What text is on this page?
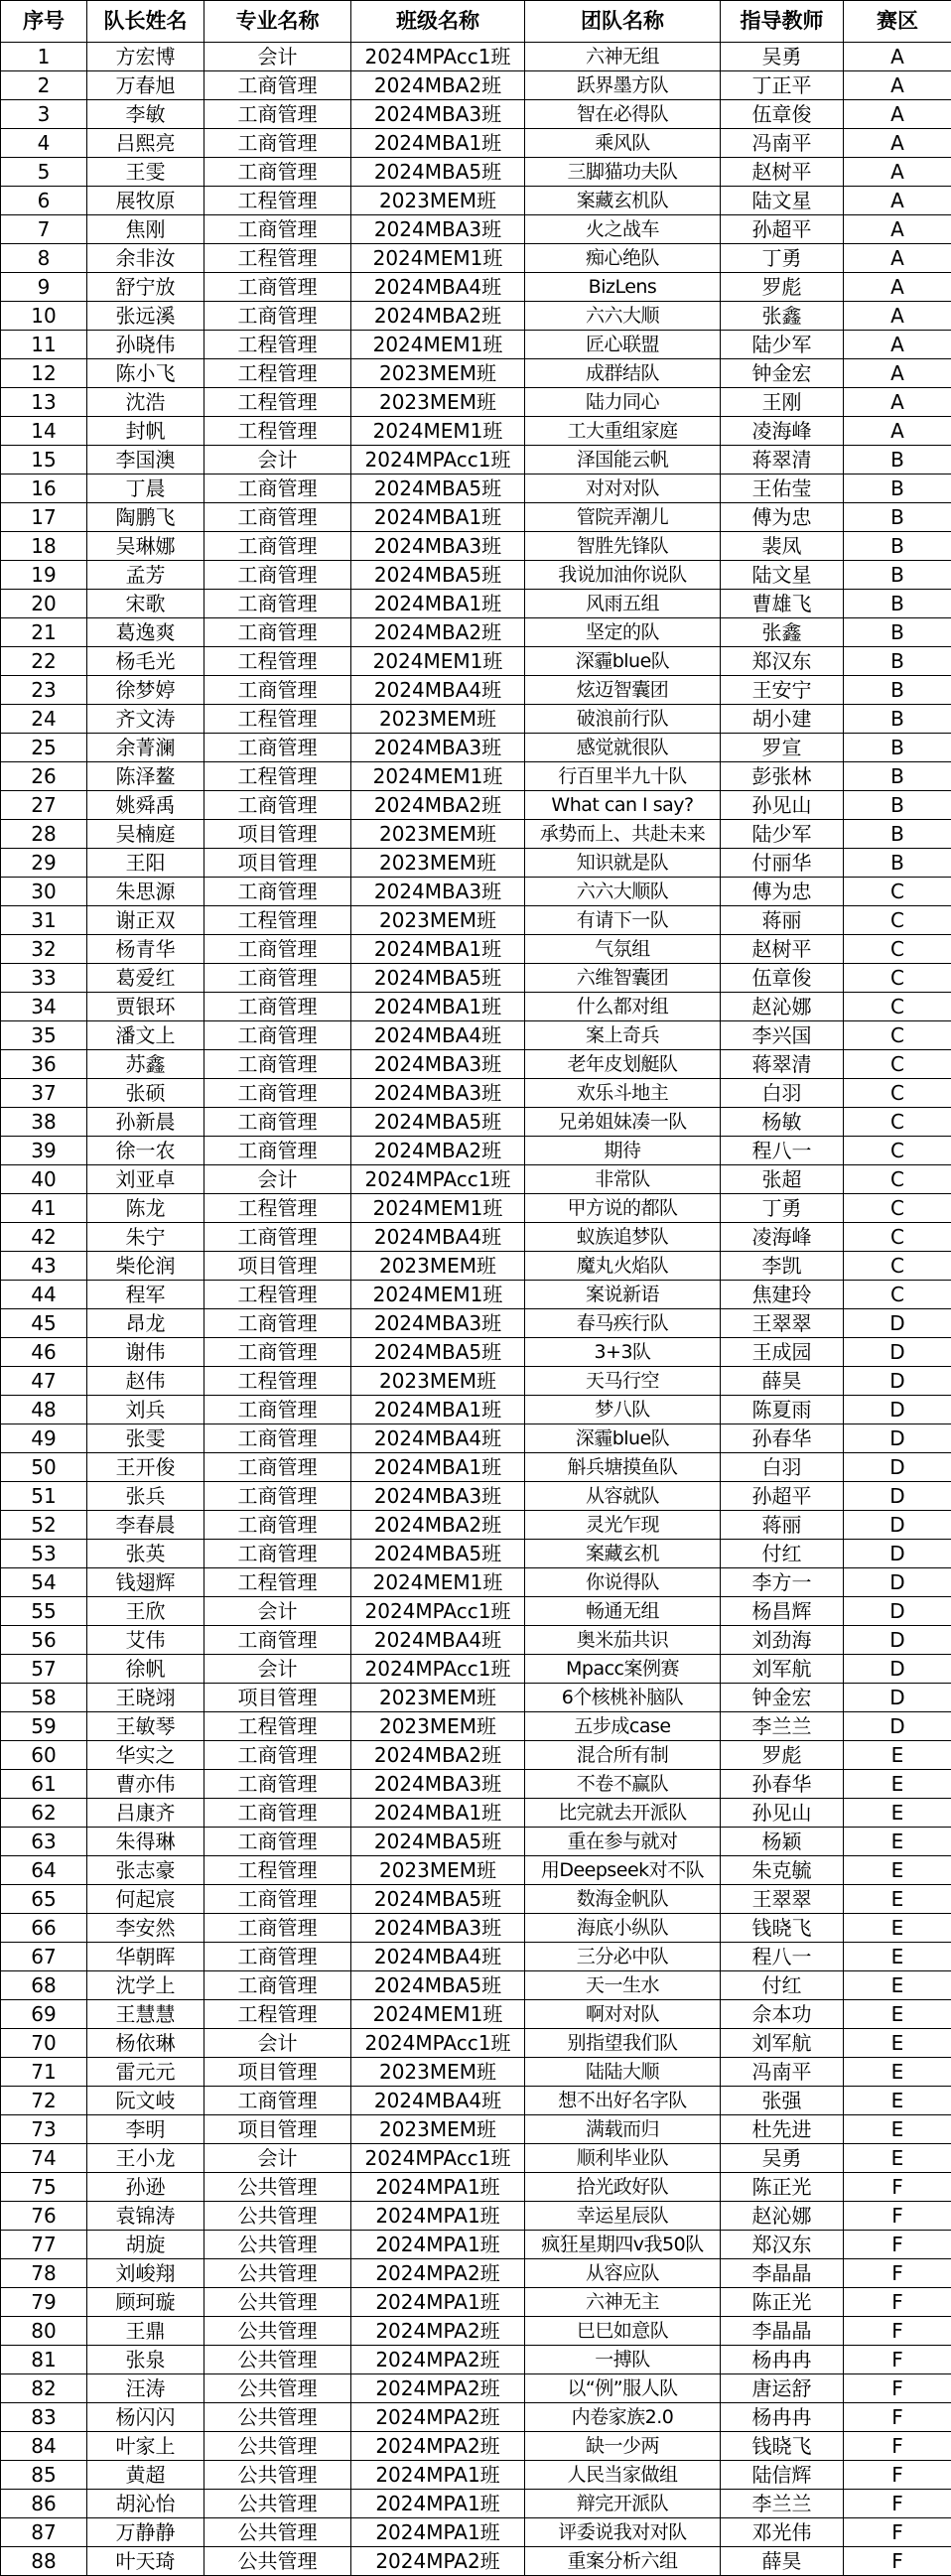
序号	队长姓名	专业名称	班级名称	团队名称	指导教师	赛区
1	方宏博	会计	2024MPAcc1班	六神无组	吴勇	A
2	万春旭	工商管理	2024MBA2班	跃界墨方队	丁正平	A
3	李敏	工商管理	2024MBA3班	智在必得队	伍章俊	A
4	吕熙亮	工商管理	2024MBA1班	乘风队	冯南平	A
5	王雯	工商管理	2024MBA5班	三脚猫功夫队	赵树平	A
6	展牧原	工程管理	2023MEM班	案藏玄机队	陆文星	A
7	焦刚	工商管理	2024MBA3班	火之战车	孙超平	A
8	余非汝	工程管理	2024MEM1班	痴心绝队	丁勇	A
9	舒宁放	工商管理	2024MBA4班	BizLens	罗彪	A
10	张远溪	工商管理	2024MBA2班	六六大顺	张鑫	A
11	孙晓伟	工程管理	2024MEM1班	匠心联盟	陆少军	A
12	陈小飞	工程管理	2023MEM班	成群结队	钟金宏	A
13	沈浩	工程管理	2023MEM班	陆力同心	王刚	A
14	封帆	工程管理	2024MEM1班	工大重组家庭	凌海峰	A
15	李国澳	会计	2024MPAcc1班	泽国能云帆	蒋翠清	B
16	丁晨	工商管理	2024MBA5班	对对对队	王佑莹	B
17	陶鹏飞	工商管理	2024MBA1班	管院弄潮儿	傅为忠	B
18	吴琳娜	工商管理	2024MBA3班	智胜先锋队	裴凤	B
19	孟芳	工商管理	2024MBA5班	我说加油你说队	陆文星	B
20	宋歌	工商管理	2024MBA1班	风雨五组	曹雄飞	B
21	葛逸爽	工商管理	2024MBA2班	坚定的队	张鑫	B
22	杨毛光	工程管理	2024MEM1班	深霾blue队	郑汉东	B
23	徐梦婷	工商管理	2024MBA4班	炫迈智囊团	王安宁	B
24	齐文涛	工程管理	2023MEM班	破浪前行队	胡小建	B
25	余菁澜	工商管理	2024MBA3班	感觉就很队	罗宣	B
26	陈泽鳌	工程管理	2024MEM1班	行百里半九十队	彭张林	B
27	姚舜禹	工商管理	2024MBA2班	What can I say?	孙见山	B
28	吴楠庭	项目管理	2023MEM班	承势而上、共赴未来	陆少军	B
29	王阳	项目管理	2023MEM班	知识就是队	付丽华	B
30	朱思源	工商管理	2024MBA3班	六六大顺队	傅为忠	C
31	谢正双	工程管理	2023MEM班	有请下一队	蒋丽	C
32	杨青华	工商管理	2024MBA1班	气氛组	赵树平	C
33	葛爱红	工商管理	2024MBA5班	六维智囊团	伍章俊	C
34	贾银环	工商管理	2024MBA1班	什么都对组	赵沁娜	C
35	潘文上	工商管理	2024MBA4班	案上奇兵	李兴国	C
36	苏鑫	工商管理	2024MBA3班	老年皮划艇队	蒋翠清	C
37	张硕	工商管理	2024MBA3班	欢乐斗地主	白羽	C
38	孙新晨	工商管理	2024MBA5班	兄弟姐妹凑一队	杨敏	C
39	徐一农	工商管理	2024MBA2班	期待	程八一	C
40	刘亚卓	会计	2024MPAcc1班	非常队	张超	C
41	陈龙	工程管理	2024MEM1班	甲方说的都队	丁勇	C
42	朱宁	工商管理	2024MBA4班	蚁族追梦队	凌海峰	C
43	柴伦润	项目管理	2023MEM班	魔丸火焰队	李凯	C
44	程军	工程管理	2024MEM1班	案说新语	焦建玲	C
45	昂龙	工商管理	2024MBA3班	春马疾行队	王翠翠	D
46	谢伟	工商管理	2024MBA5班	3+3队	王成园	D
47	赵伟	工程管理	2023MEM班	天马行空	薛昊	D
48	刘兵	工商管理	2024MBA1班	梦八队	陈夏雨	D
49	张雯	工商管理	2024MBA4班	深霾blue队	孙春华	D
50	王开俊	工商管理	2024MBA1班	斛兵塘摸鱼队	白羽	D
51	张兵	工商管理	2024MBA3班	从容就队	孙超平	D
52	李春晨	工商管理	2024MBA2班	灵光乍现	蒋丽	D
53	张英	工商管理	2024MBA5班	案藏玄机	付红	D
54	钱翅辉	工程管理	2024MEM1班	你说得队	李方一	D
55	王欣	会计	2024MPAcc1班	畅通无组	杨昌辉	D
56	艾伟	工商管理	2024MBA4班	奥米茄共识	刘劲海	D
57	徐帆	会计	2024MPAcc1班	Mpacc案例赛	刘军航	D
58	王晓翊	项目管理	2023MEM班	6个核桃补脑队	钟金宏	D
59	王敏琴	工程管理	2023MEM班	五步成case	李兰兰	D
60	华实之	工商管理	2024MBA2班	混合所有制	罗彪	E
61	曹亦伟	工商管理	2024MBA3班	不卷不赢队	孙春华	E
62	吕康齐	工商管理	2024MBA1班	比完就去开派队	孙见山	E
63	朱得琳	工商管理	2024MBA5班	重在参与就对	杨颖	E
64	张志豪	工程管理	2023MEM班	用Deepseek对不队	朱克毓	E
65	何起宸	工商管理	2024MBA5班	数海金帆队	王翠翠	E
66	李安然	工商管理	2024MBA3班	海底小纵队	钱晓飞	E
67	华朝晖	工商管理	2024MBA4班	三分必中队	程八一	E
68	沈学上	工商管理	2024MBA5班	天一生水	付红	E
69	王慧慧	工程管理	2024MEM1班	啊对对队	佘本功	E
70	杨依琳	会计	2024MPAcc1班	别指望我们队	刘军航	E
71	雷元元	项目管理	2023MEM班	陆陆大顺	冯南平	E
72	阮文岐	工商管理	2024MBA4班	想不出好名字队	张强	E
73	李明	项目管理	2023MEM班	满载而归	杜先进	E
74	王小龙	会计	2024MPAcc1班	顺利毕业队	吴勇	E
75	孙逊	公共管理	2024MPA1班	拾光政好队	陈正光	F
76	袁锦涛	公共管理	2024MPA1班	幸运星辰队	赵沁娜	F
77	胡旋	公共管理	2024MPA1班	疯狂星期四v我50队	郑汉东	F
78	刘峻翔	公共管理	2024MPA2班	从容应队	李晶晶	F
79	顾珂璇	公共管理	2024MPA1班	六神无主	陈正光	F
80	王鼎	公共管理	2024MPA2班	巳巳如意队	李晶晶	F
81	张泉	公共管理	2024MPA2班	一搏队	杨冉冉	F
82	汪涛	公共管理	2024MPA2班	以“例”服人队	唐运舒	F
83	杨闪闪	公共管理	2024MPA2班	内卷家族2.0	杨冉冉	F
84	叶家上	公共管理	2024MPA2班	缺一少两	钱晓飞	F
85	黄超	公共管理	2024MPA1班	人民当家做组	陆信辉	F
86	胡沁怡	公共管理	2024MPA1班	辩完开派队	李兰兰	F
87	万静静	公共管理	2024MPA1班	评委说我对对队	邓光伟	F
88	叶天琦	公共管理	2024MPA2班	重案分析六组	薛昊	F
